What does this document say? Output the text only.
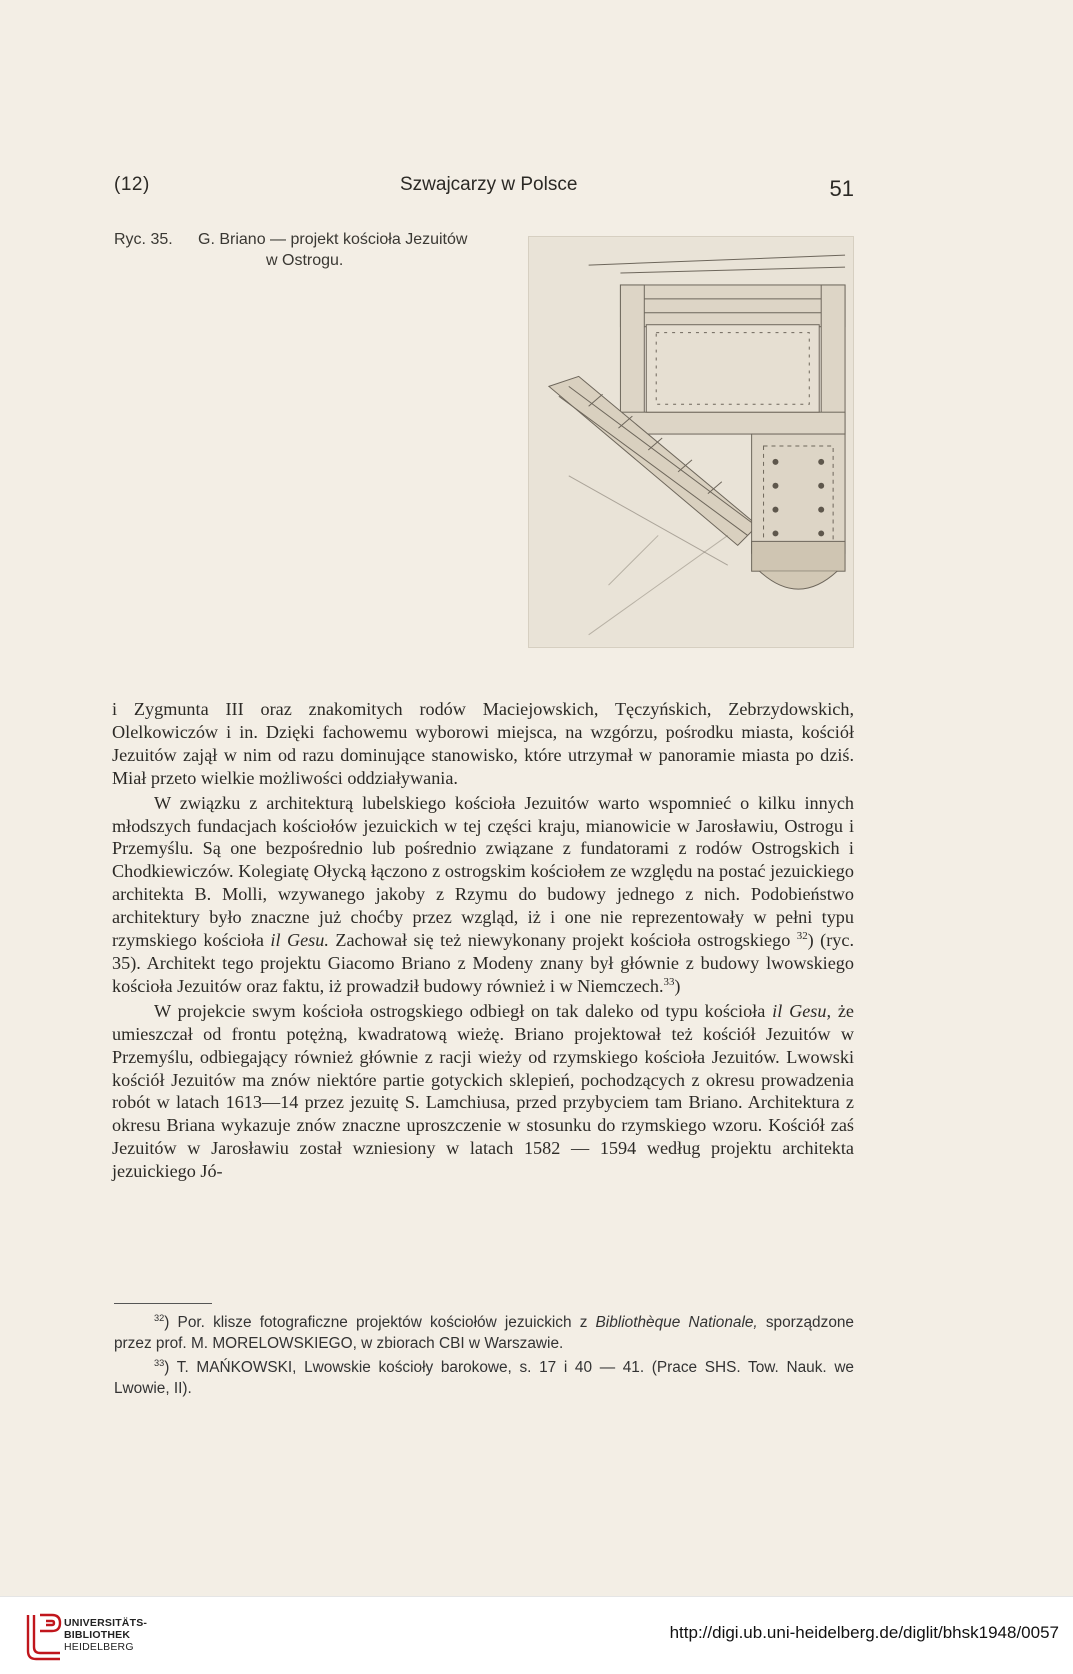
(12)	Szwajcarzy w Polsce	51
Ryc. 35. G. Briano — projekt kościoła Jezuitów
w Ostrogu.

i Zygmunta III oraz znakomitych rodów Maciejowskich, Tęczyńskich, Zebrzydowskich, Olelkowiczów i in. Dzięki fachowemu wyborowi miejsca, na wzgórzu, pośrodku miasta, kościół Jezuitów zajął w nim od razu dominujące stanowisko, które utrzymał w panoramie miasta po dziś. Miał przeto wielkie możliwości oddziaływania.

W związku z architekturą lubelskiego kościoła Jezuitów warto wspomnieć o kilku innych młodszych fundacjach kościołów jezuickich w tej części kraju, mianowicie w Jarosławiu, Ostrogu i Przemyślu. Są one bezpośrednio lub pośrednio związane z fundatorami z rodów Ostrogskich i Chodkiewiczów. Kolegiatę Ołycką łączono z ostrogskim kościołem ze względu na postać jezuickiego architekta B. Molli, wzywanego jakoby z Rzymu do budowy jednego z nich. Podobieństwo architektury było znaczne już choćby przez wzgląd, iż i one nie reprezentowały w pełni typu rzymskiego kościoła il Gesu. Zachował się też niewykonany projekt kościoła ostrogskiego $^{32}$) (ryc. 35). Architekt tego projektu Giacomo Briano z Modeny znany był głównie z budowy lwowskiego kościoła Jezuitów oraz faktu, iż prowadził budowy również i w Niemczech.$^{33}$)

W projekcie swym kościoła ostrogskiego odbiegł on tak daleko od typu kościoła il Gesu, że umieszczał od frontu potężną, kwadratową wieżę. Briano projektował też kościół Jezuitów w Przemyślu, odbiegający również głównie z racji wieży od rzymskiego kościoła Jezuitów. Lwowski kościół Jezuitów ma znów niektóre partie gotyckich sklepień, pochodzących z okresu prowadzenia robót w latach 1613—14 przez jezuitę S. Lamchiusa, przed przybyciem tam Briano. Architektura z okresu Briana wykazuje znów znaczne uproszczenie w stosunku do rzymskiego wzoru. Kościół zaś Jezuitów w Jarosławiu został wzniesiony w latach 1582 — 1594 według projektu architekta jezuickiego Jó-

$^{32}$) Por. klisze fotograficzne projektów kościołów jezuickich z Bibliothèque Nationale, sporządzone przez prof. M. MORELOWSKIEGO, w zbiorach CBI w Warszawie.

$^{33}$) T. MAŃKOWSKI, Lwowskie kościoły barokowe, s. 17 i 40 — 41. (Prace SHS. Tow. Nauk. we Lwowie, II).

UNIVERSITÄTS-
BIBLIOTHEK
HEIDELBERG
http://digi.ub.uni-heidelberg.de/diglit/bhsk1948/0057
